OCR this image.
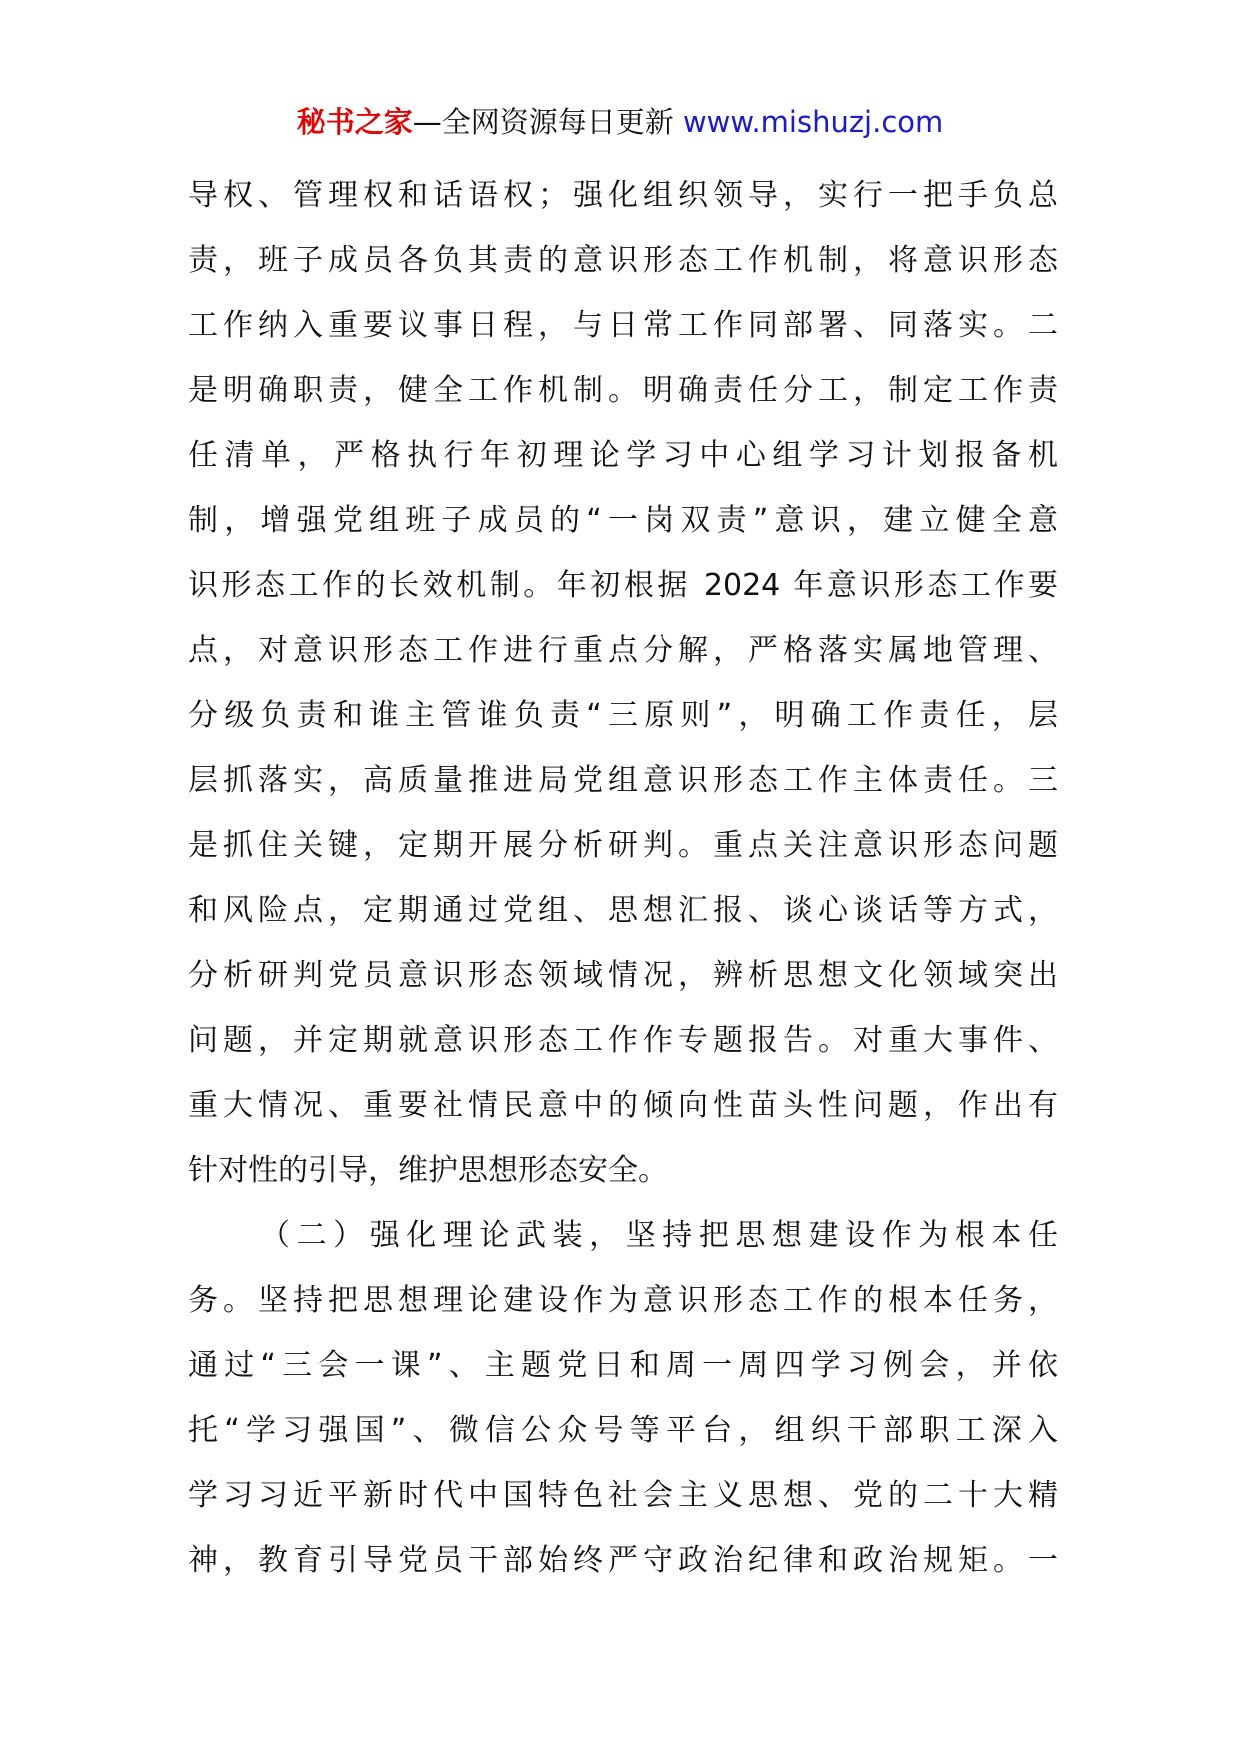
秘书之家—全网资源每日更新 www.mishuzj.com
导权、管理权和话语权；强化组织领导，实行一把手负总
责，班子成员各负其责的意识形态工作机制，将意识形态
工作纳入重要议事日程，与日常工作同部署、同落实。二
是明确职责，健全工作机制。明确责任分工，制定工作责
任清单，严格执行年初理论学习中心组学习计划报备机
制，增强党组班子成员的“一岗双责”意识，建立健全意
识形态工作的长效机制。年初根据 2024 年意识形态工作要
点，对意识形态工作进行重点分解，严格落实属地管理、
分级负责和谁主管谁负责“三原则”，明确工作责任，层
层抓落实，高质量推进局党组意识形态工作主体责任。三
是抓住关键，定期开展分析研判。重点关注意识形态问题
和风险点，定期通过党组、思想汇报、谈心谈话等方式，
分析研判党员意识形态领域情况，辨析思想文化领域突出
问题，并定期就意识形态工作作专题报告。对重大事件、
重大情况、重要社情民意中的倾向性苗头性问题，作出有
针对性的引导，维护思想形态安全。
（二）强化理论武装，坚持把思想建设作为根本任
务。坚持把思想理论建设作为意识形态工作的根本任务，
通过“三会一课”、主题党日和周一周四学习例会，并依
托“学习强国”、微信公众号等平台，组织干部职工深入
学习习近平新时代中国特色社会主义思想、党的二十大精
神，教育引导党员干部始终严守政治纪律和政治规矩。一
